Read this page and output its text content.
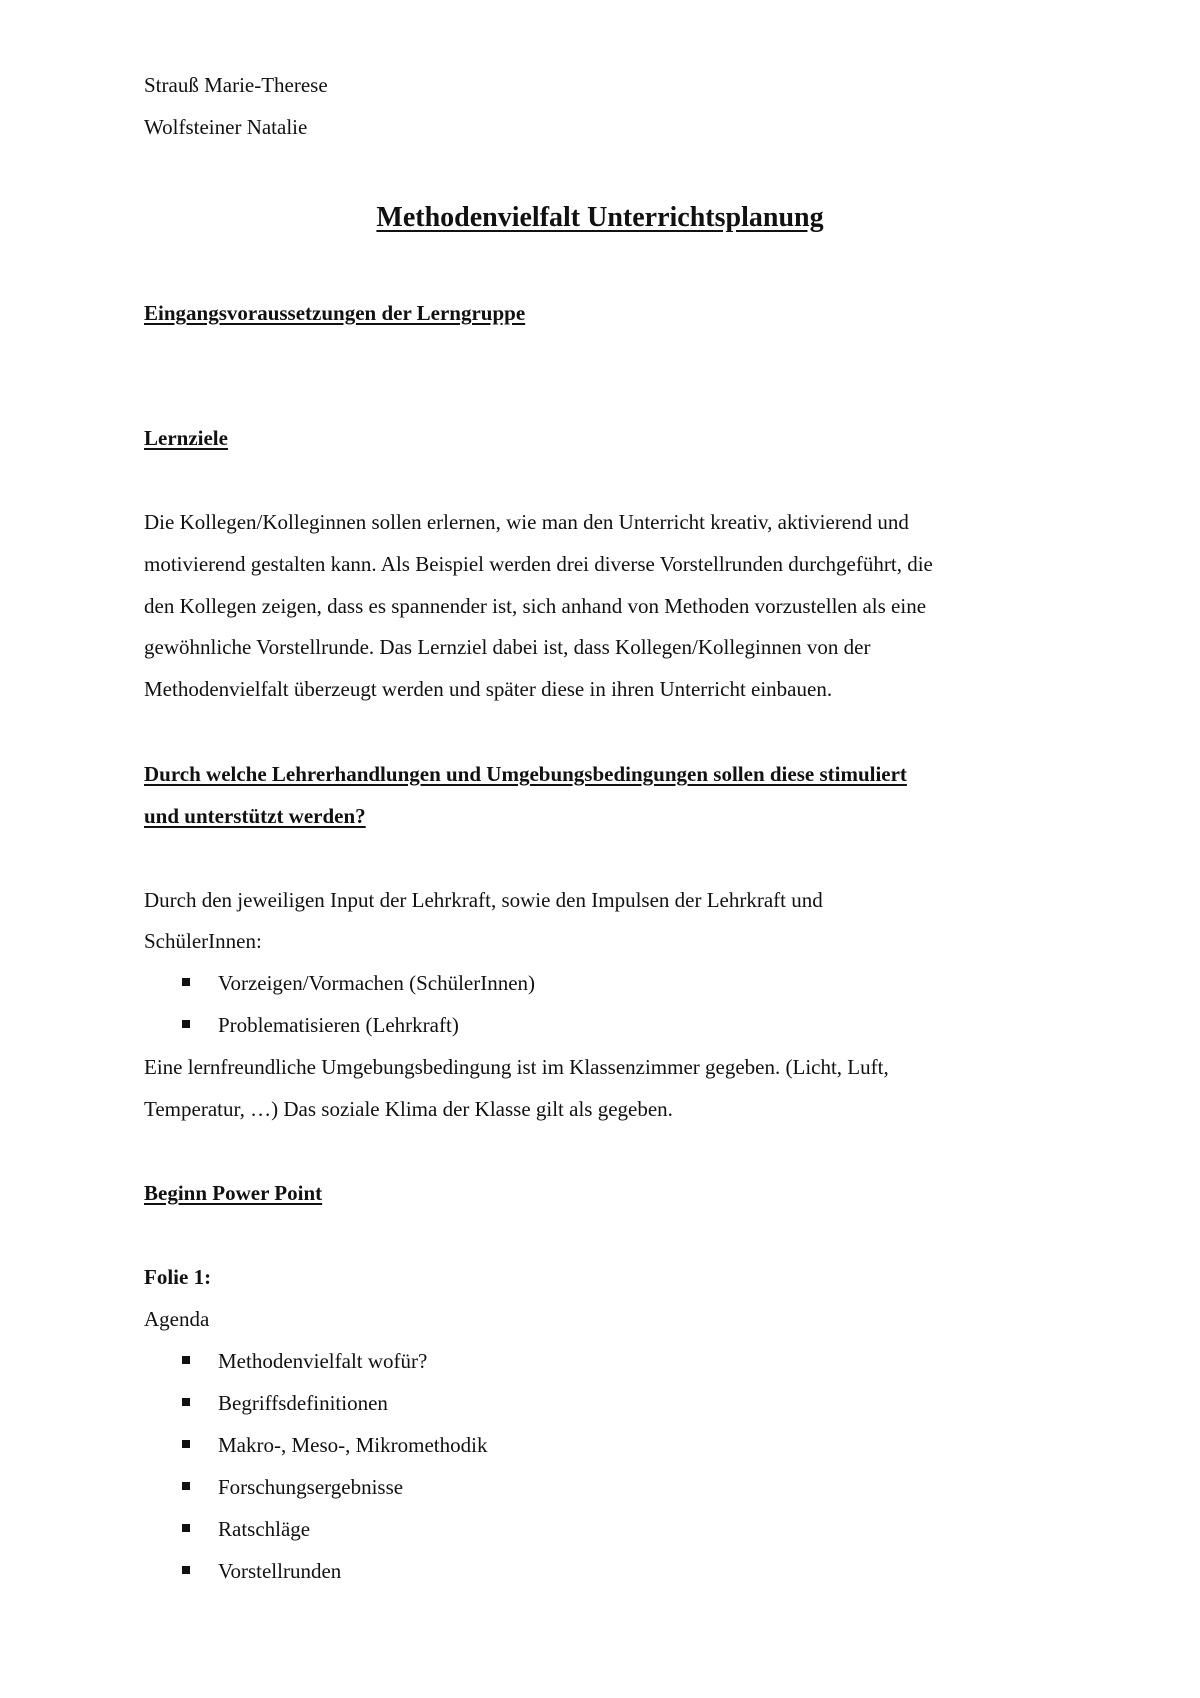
Strauß Marie-Therese
Wolfsteiner Natalie
Methodenvielfalt Unterrichtsplanung
Eingangsvoraussetzungen der Lerngruppe
Lernziele
Die Kollegen/Kolleginnen sollen erlernen, wie man den Unterricht kreativ, aktivierend und
motivierend gestalten kann. Als Beispiel werden drei diverse Vorstellrunden durchgeführt, die
den Kollegen zeigen, dass es spannender ist, sich anhand von Methoden vorzustellen als eine
gewöhnliche Vorstellrunde. Das Lernziel dabei ist, dass Kollegen/Kolleginnen von der
Methodenvielfalt überzeugt werden und später diese in ihren Unterricht einbauen.
Durch welche Lehrerhandlungen und Umgebungsbedingungen sollen diese stimuliert
und unterstützt werden?
Durch den jeweiligen Input der Lehrkraft, sowie den Impulsen der Lehrkraft und
SchülerInnen:
Vorzeigen/Vormachen (SchülerInnen)
Problematisieren (Lehrkraft)
Eine lernfreundliche Umgebungsbedingung ist im Klassenzimmer gegeben. (Licht, Luft,
Temperatur, …) Das soziale Klima der Klasse gilt als gegeben.
Beginn Power Point
Folie 1:
Agenda
Methodenvielfalt wofür?
Begriffsdefinitionen
Makro-, Meso-, Mikromethodik
Forschungsergebnisse
Ratschläge
Vorstellrunden
